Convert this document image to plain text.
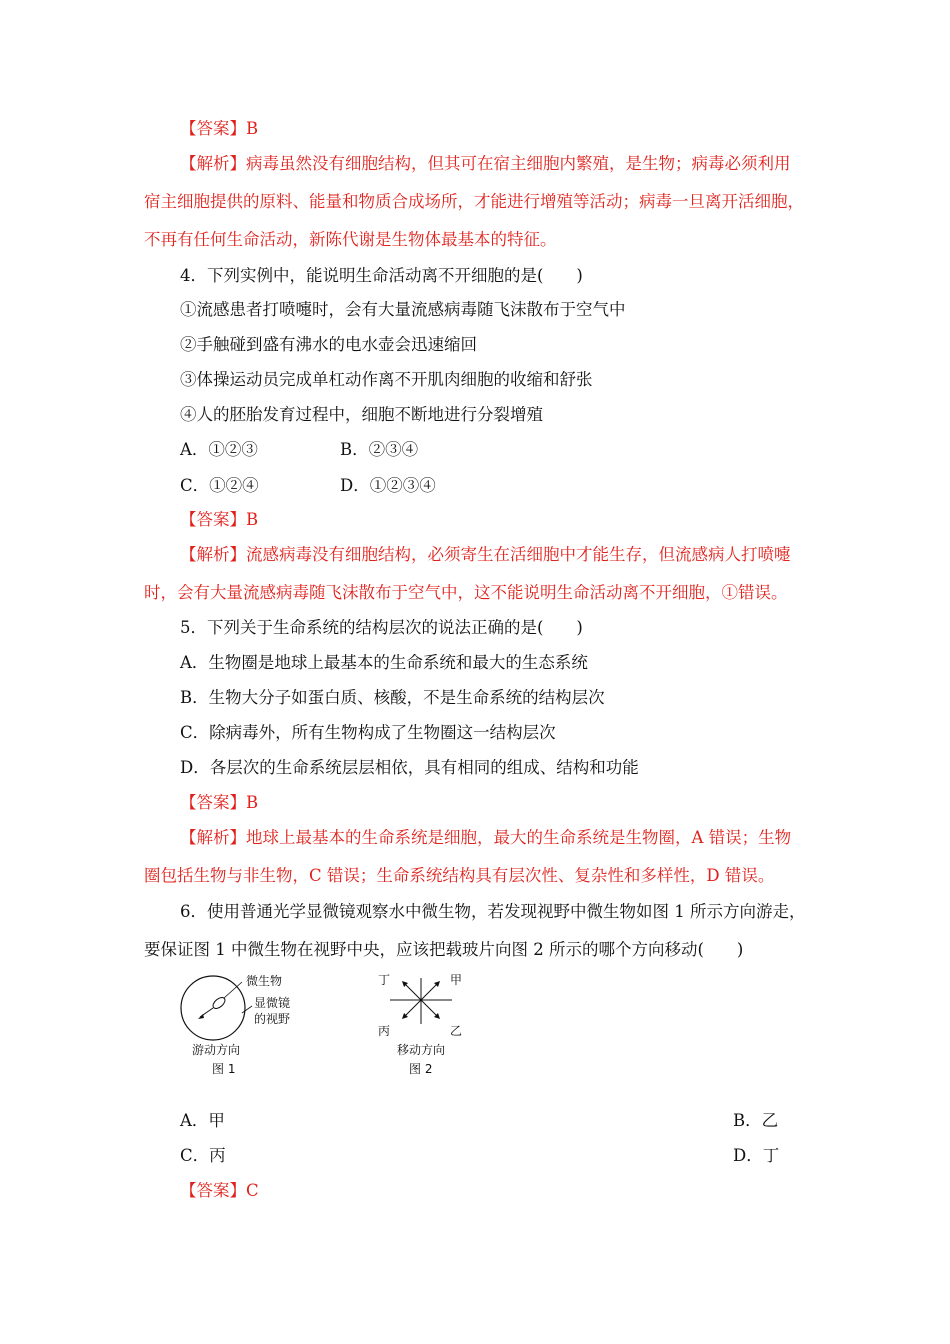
【答案】B
【解析】病毒虽然没有细胞结构，但其可在宿主细胞内繁殖，是生物；病毒必须利用
宿主细胞提供的原料、能量和物质合成场所，才能进行增殖等活动；病毒一旦离开活细胞，
不再有任何生命活动，新陈代谢是生物体最基本的特征。
4．下列实例中，能说明生命活动离不开细胞的是(　　)
①流感患者打喷嚏时，会有大量流感病毒随飞沫散布于空气中
②手触碰到盛有沸水的电水壶会迅速缩回
③体操运动员完成单杠动作离不开肌肉细胞的收缩和舒张
④人的胚胎发育过程中，细胞不断地进行分裂增殖
A．①②③	B．②③④
C．①②④	D．①②③④
【答案】B
【解析】流感病毒没有细胞结构，必须寄生在活细胞中才能生存，但流感病人打喷嚏
时，会有大量流感病毒随飞沫散布于空气中，这不能说明生命活动离不开细胞，①错误。
5．下列关于生命系统的结构层次的说法正确的是(　　)
A．生物圈是地球上最基本的生命系统和最大的生态系统
B．生物大分子如蛋白质、核酸，不是生命系统的结构层次
C．除病毒外，所有生物构成了生物圈这一结构层次
D．各层次的生命系统层层相依，具有相同的组成、结构和功能
【答案】B
【解析】地球上最基本的生命系统是细胞，最大的生命系统是生物圈，A 错误；生物
圈包括生物与非生物，C 错误；生命系统结构具有层次性、复杂性和多样性，D 错误。
6．使用普通光学显微镜观察水中微生物，若发现视野中微生物如图 1 所示方向游走，
要保证图 1 中微生物在视野中央，应该把载玻片向图 2 所示的哪个方向移动(　　)
微生物
显微镜
的视野
游动方向
图 1
丁	甲
丙	乙
移动方向
图 2
A．甲	B．乙
C．丙	D．丁
【答案】C
